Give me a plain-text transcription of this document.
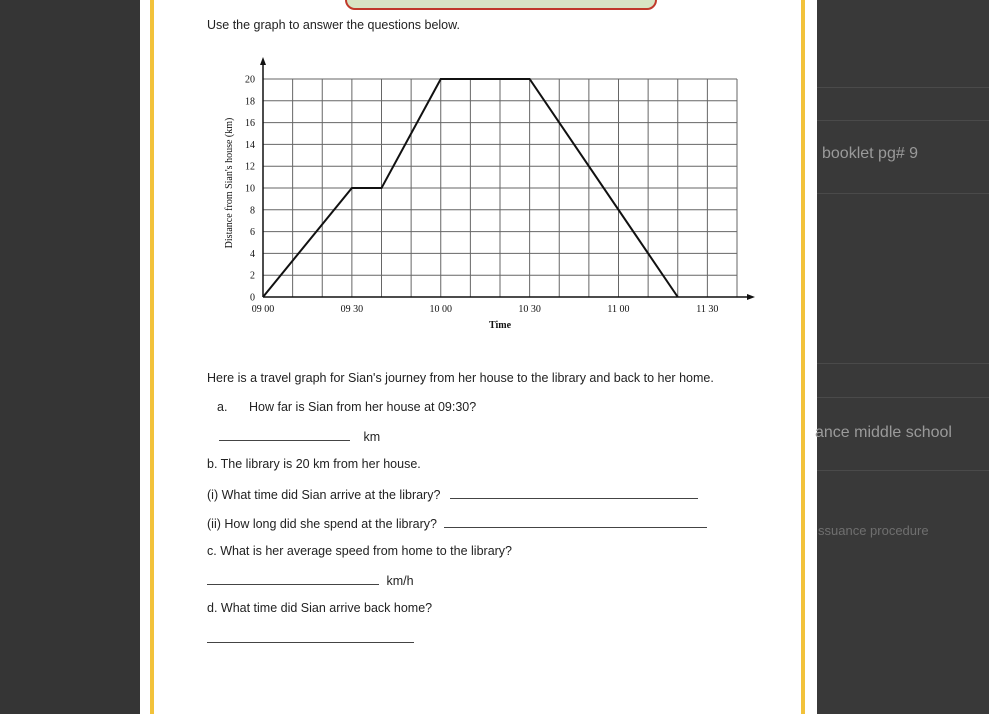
Use the graph to answer the questions below.
09 00	09 30	10 00	10 30	11 00	11 30
0
2
4
6
8
10
12
14
16
18
20
Time
Distance from Sian's house (km)
Here is a travel graph for Sian's journey from her house to the library and back to her home.
a. How far is Sian from her house at 09:30?
km
b. The library is 20 km from her house.
(i) What time did Sian arrive at the library?
(ii) How long did she spend at the library?
c. What is her average speed from home to the library?
km/h
d. What time did Sian arrive back home?
booklet pg# 9
ance middle school
ssuance procedure
